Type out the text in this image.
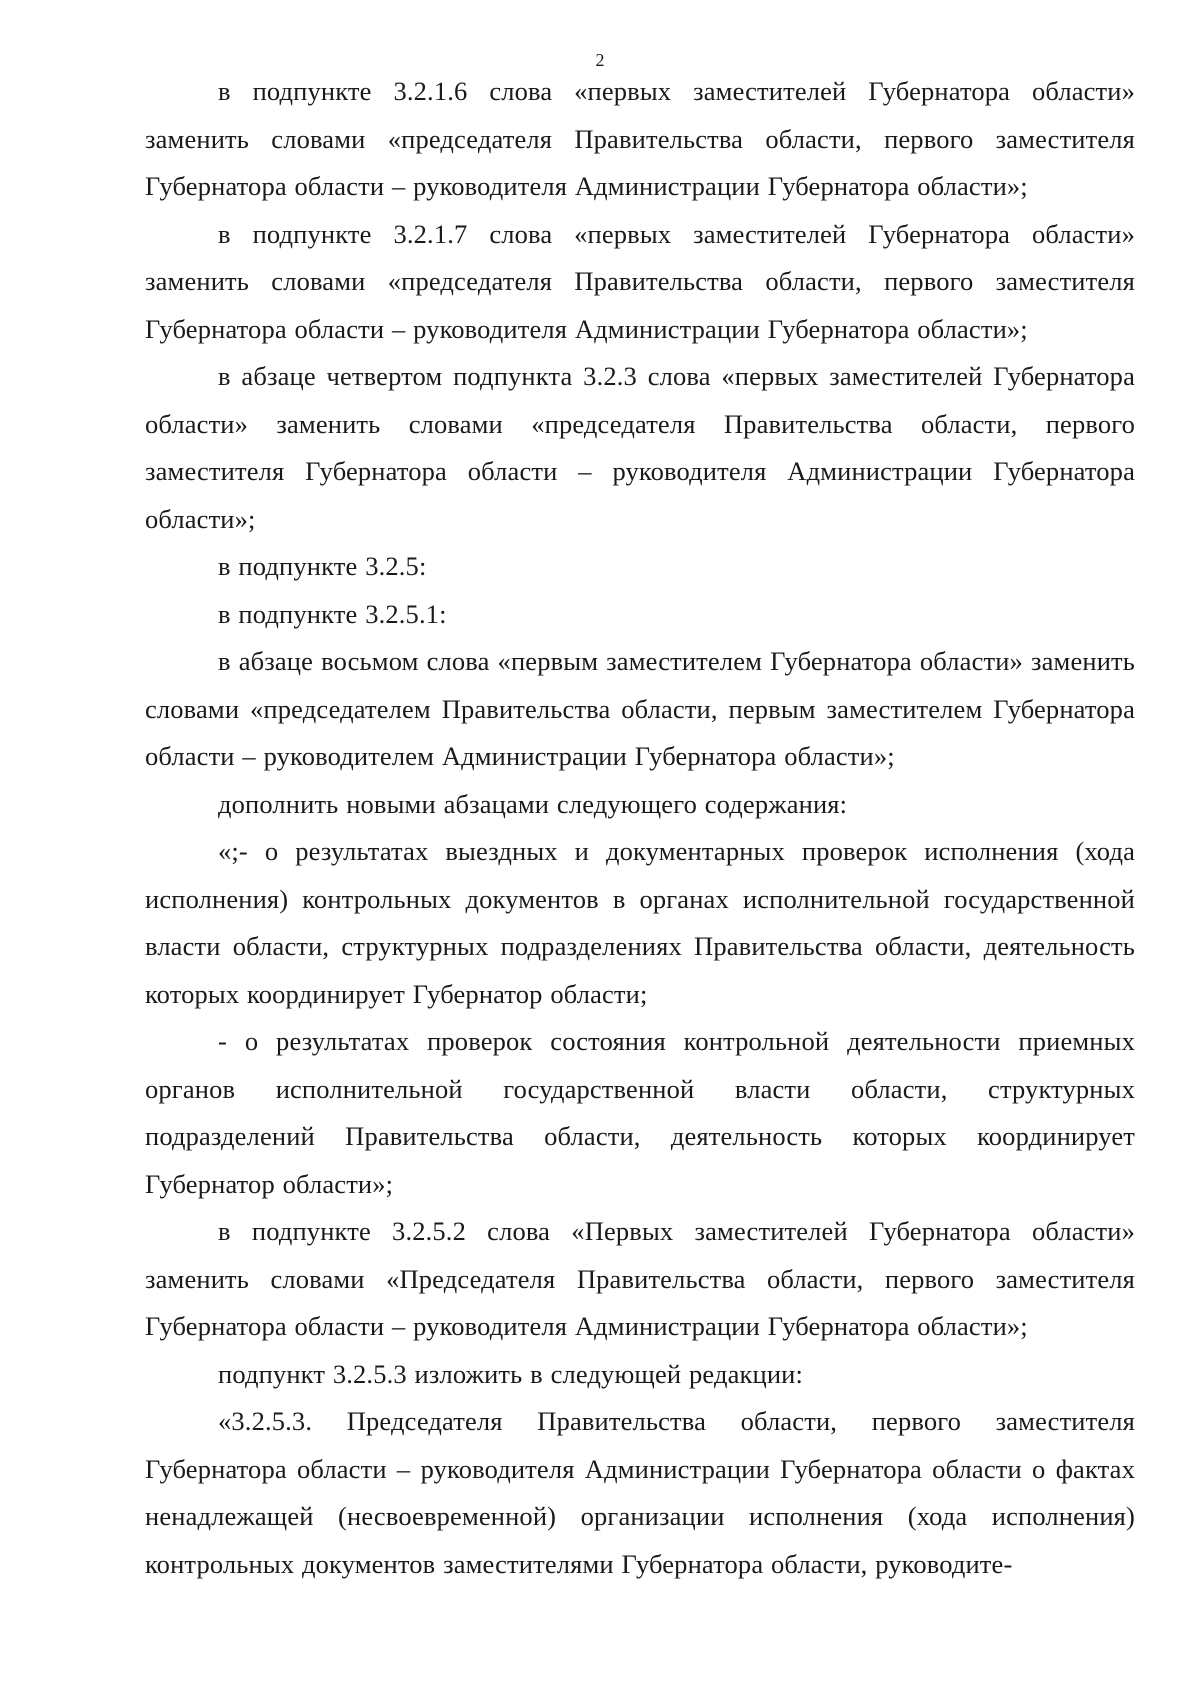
2

в подпункте 3.2.1.6 слова «первых заместителей Губернатора области» заменить словами «председателя Правительства области, первого заместителя Губернатора области – руководителя Администрации Губернатора области»;

в подпункте 3.2.1.7 слова «первых заместителей Губернатора области» заменить словами «председателя Правительства области, первого заместителя Губернатора области – руководителя Администрации Губернатора области»;

в абзаце четвертом подпункта 3.2.3 слова «первых заместителей Губернатора области» заменить словами «председателя Правительства области, первого заместителя Губернатора области – руководителя Администрации Губернатора области»;

в подпункте 3.2.5:

в подпункте 3.2.5.1:

в абзаце восьмом слова «первым заместителем Губернатора области» заменить словами «председателем Правительства области, первым заместителем Губернатора области – руководителем Администрации Губернатора области»;

дополнить новыми абзацами следующего содержания:

«;- о результатах выездных и документарных проверок исполнения (хода исполнения) контрольных документов в органах исполнительной государственной власти области, структурных подразделениях Правительства области, деятельность которых координирует Губернатор области;

- о результатах проверок состояния контрольной деятельности приемных органов исполнительной государственной власти области, структурных подразделений Правительства области, деятельность которых координирует Губернатор области»;

в подпункте 3.2.5.2 слова «Первых заместителей Губернатора области» заменить словами «Председателя Правительства области, первого заместителя Губернатора области – руководителя Администрации Губернатора области»;

подпункт 3.2.5.3 изложить в следующей редакции:

«3.2.5.3. Председателя Правительства области, первого заместителя Губернатора области – руководителя Администрации Губернатора области о фактах ненадлежащей (несвоевременной) организации исполнения (хода исполнения) контрольных документов заместителями Губернатора области, руководите-
